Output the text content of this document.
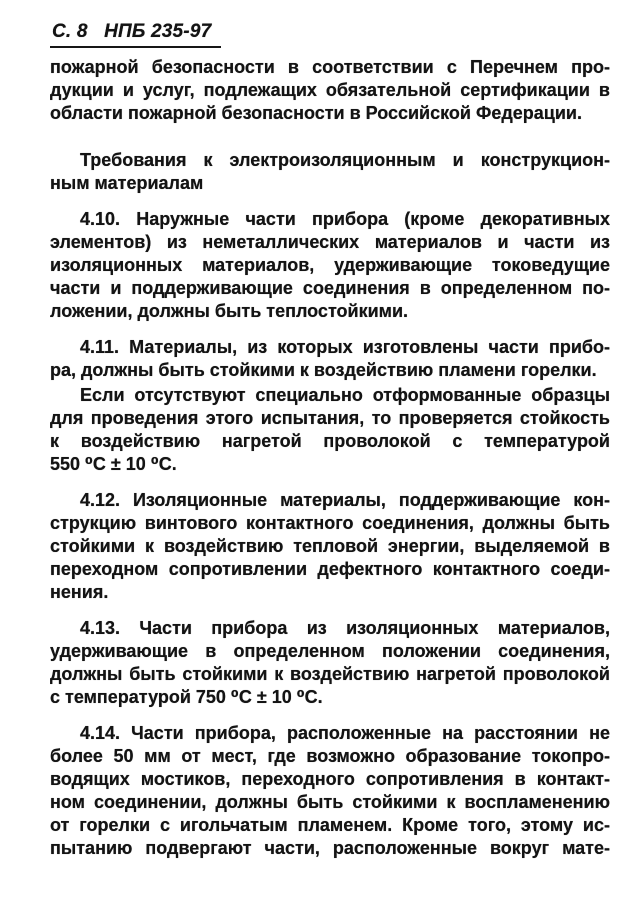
С. 8   НПБ 235-97
пожарной безопасности в соответствии с Перечнем про-
дукции и услуг, подлежащих обязательной сертификации в
области пожарной безопасности в Российской Федерации.
Требования к электроизоляционным и конструкцион-
ным материалам
4.10. Наружные части прибора (кроме декоративных
элементов) из неметаллических материалов и части из
изоляционных материалов, удерживающие токоведущие
части и поддерживающие соединения в определенном по-
ложении, должны быть теплостойкими.
4.11. Материалы, из которых изготовлены части прибо-
ра, должны быть стойкими к воздействию пламени горелки.
Если отсутствуют специально отформованные образцы
для проведения этого испытания, то проверяется стойкость
к воздействию нагретой проволокой с температурой
550 ⁰С ± 10 ⁰С.
4.12. Изоляционные материалы, поддерживающие кон-
струкцию винтового контактного соединения, должны быть
стойкими к воздействию тепловой энергии, выделяемой в
переходном сопротивлении дефектного контактного соеди-
нения.
4.13. Части прибора из изоляционных материалов,
удерживающие в определенном положении соединения,
должны быть стойкими к воздействию нагретой проволокой
с температурой 750 ⁰С ± 10 ⁰С.
4.14. Части прибора, расположенные на расстоянии не
более 50 мм от мест, где возможно образование токопро-
водящих мостиков, переходного сопротивления в контакт-
ном соединении, должны быть стойкими к воспламенению
от горелки с игольчатым пламенем. Кроме того, этому ис-
пытанию подвергают части, расположенные вокруг мате-
